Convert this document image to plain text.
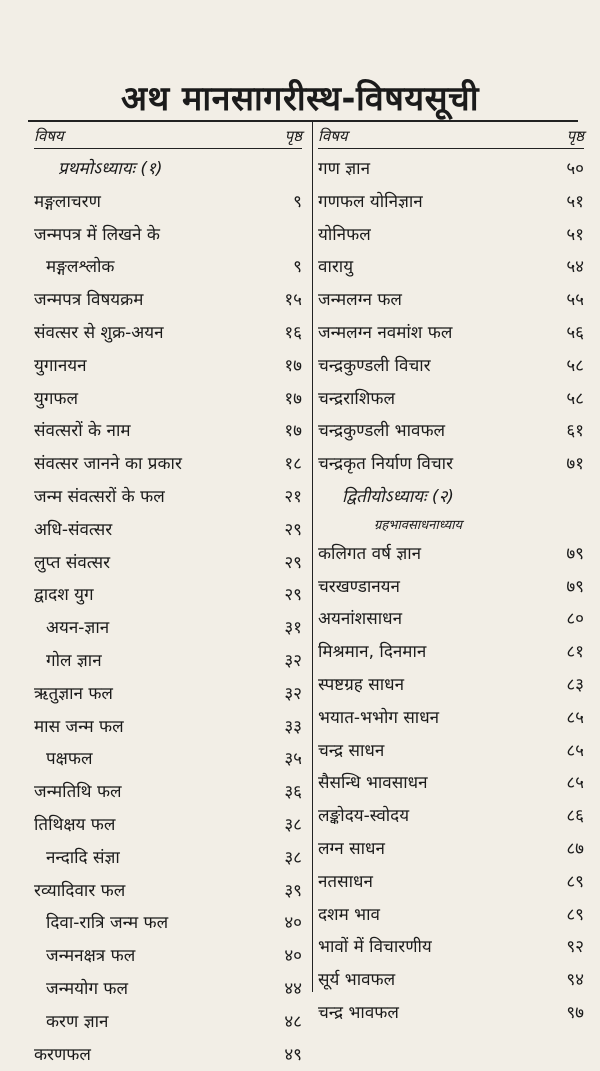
अथ मानसागरीस्थ-विषयसूची
विषय	पृष्ठ
प्रथमोऽध्यायः (१)
मङ्गलाचरण	९
जन्मपत्र में लिखने के
मङ्गलश्लोक	९
जन्मपत्र विषयक्रम	१५
संवत्सर से शुक्र-अयन	१६
युगानयन	१७
युगफल	१७
संवत्सरों के नाम	१७
संवत्सर जानने का प्रकार	१८
जन्म संवत्सरों के फल	२१
अधि-संवत्सर	२९
लुप्त संवत्सर	२९
द्वादश युग	२९
अयन-ज्ञान	३१
गोल ज्ञान	३२
ऋतुज्ञान फल	३२
मास जन्म फल	३३
पक्षफल	३५
जन्मतिथि फल	३६
तिथिक्षय फल	३८
नन्दादि संज्ञा	३८
रव्यादिवार फल	३९
दिवा-रात्रि जन्म फल	४०
जन्मनक्षत्र फल	४०
जन्मयोग फल	४४
करण ज्ञान	४८
करणफल	४९
विषय	पृष्ठ
गण ज्ञान	५०
गणफल योनिज्ञान	५१
योनिफल	५१
वारायु	५४
जन्मलग्न फल	५५
जन्मलग्न नवमांश फल	५६
चन्द्रकुण्डली विचार	५८
चन्द्रराशिफल	५८
चन्द्रकुण्डली भावफल	६१
चन्द्रकृत निर्याण विचार	७१
द्वितीयोऽध्यायः (२)
ग्रहभावसाधनाध्याय
कलिगत वर्ष ज्ञान	७९
चरखण्डानयन	७९
अयनांशसाधन	८०
मिश्रमान, दिनमान	८१
स्पष्टग्रह साधन	८३
भयात-भभोग साधन	८५
चन्द्र साधन	८५
सैसन्धि भावसाधन	८५
लङ्कोदय-स्वोदय	८६
लग्न साधन	८७
नतसाधन	८९
दशम भाव	८९
भावों में विचारणीय	९२
सूर्य भावफल	९४
चन्द्र भावफल	९७
